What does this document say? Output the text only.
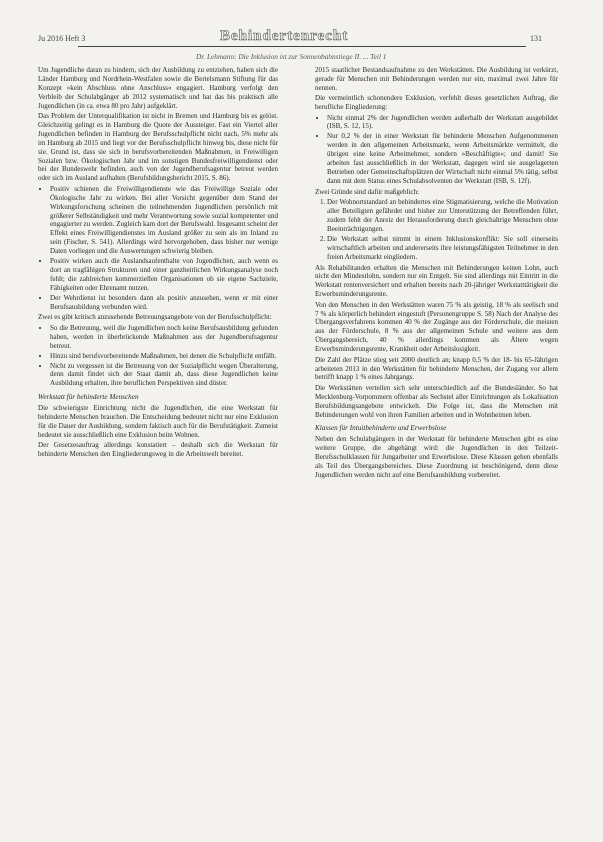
Ju 2016 Heft 3	Behindertenrecht	131
Dr. Lehmann: Die Inklusion ist zur Sonnenbahnstiege II. ... Teil 1

Um Jugendliche daran zu hindern, sich der Ausbildung zu entziehen, haben sich die Länder Hamburg und Nordrhein-Westfalen sowie die Bertelsmann Stiftung für das Konzept »kein Abschluss ohne Anschluss« engagiert. Hamburg verfolgt den Verbleib der Schulabgänger ab 2012 systematisch und hat das bis praktisch alle Jugendlichen (in ca. etwa 80 pro Jahr) aufgeklärt.

Das Problem der Unterqualifikation ist nicht in Bremen und Hamburg bis es gelöst. Gleichzeitig gelingt es in Hamburg die Quote der Aussteiger. Fast ein Viertel aller Jugendlichen befinden in Hamburg der Berufsschulpflicht nicht nach, 5% mehr als im Hamburg ab 2015 und liegt vor der Berufsschulpflicht hinweg bis, diese nicht für sie. Grund ist, dass sie sich in berufsvorbereitenden Maßnahmen, in Freiwilligen Sozialen bzw. Ökologischen Jahr und im sonstigen Bundesfreiwilligendienst oder bei der Bundeswehr befinden, auch von der Jugendberufsagentur betreut werden oder sich im Ausland aufhalten (Berufsbildungsbericht 2015, S. 86).

• Positiv schienen die Freiwilligendienste wie das Freiwillige Soziale oder Ökologische Jahr zu wirken. Bei aller Vorsicht gegenüber dem Stand der Wirkungsforschung scheinen die teilnehmenden Jugendlichen persönlich mit größerer Selbständigkeit und mehr Verantwortung sowie sozial kompetenter und engagierter zu werden. Zugleich kam dort der Berufswahl. Insgesamt scheint der Effekt eines Freiwilligendienstes im Ausland größer zu sein als im Inland zu sein (Fischer, S. 541). Allerdings wird hervorgehoben, dass bisher nur wenige Daten vorliegen und die Auswertungen schwierig bleiben.
• Positiv wirken auch die Auslandsaufenthalte von Jugendlichen, auch wenn es dort an tragfähigen Strukturen und einer ganzheitlichen Wirkungsanalyse noch fehlt; die zahlreichen kommerziellen Organisationen ob sie eigene Sachziele, Fähigkeiten oder Ehrenamt nutzen.
• Der Wehrdienst ist besonders dann als positiv anzusehen, wenn er mit einer Berufsausbildung verbunden wird.

Zwei es gibt kritisch anzusehende Betreuungsangebote von der Berufsschulpflicht:

• So die Betreuung, weil die Jugendlichen noch keine Berufsausbildung gefunden haben, werden in überbrückende Maßnahmen aus der Jugendberufsagentur betreut.
• Hinzu sind berufsvorbereitende Maßnahmen, bei denen die Schulpflicht entfällt.
• Nicht zu vergessen ist die Betreuung von der Sozialpflicht wegen Überalterung, denn damit findet sich der Staat damit ab, dass diese Jugendlichen keine Ausbildung erhalten, ihre beruflichen Perspektiven sind düster.
Werkstatt für behinderte Menschen

Die schwierigste Einrichtung nicht die Jugendlichen, die eine Werkstatt für behinderte Menschen brauchen. Die Entscheidung bedeutet nicht nur eine Exklusion für die Dauer der Ausbildung, sondern faktisch auch für die Berufstätigkeit. Zumeist bedeutet sie ausschließlich eine Exklusion beim Wohnen.

Der Gesetzesauftrag allerdings konstatiert – deshalb sich die Werkstatt für behinderte Menschen den Eingliederungsweg in die Arbeitswelt bereitet.

2015 staatlicher Bestandsaufnahme zu den Werkstätten. Die Ausbildung ist verkürzt, gerade für Menschen mit Behinderungen werden nur ein, maximal zwei Jahre für nennen.

Die vermeintlich schonendere Exklusion, verfehlt dieses gesetzlichen Auftrag, die berufliche Eingliederung:

• Nicht einmal 2% der Jugendlichen werden außerhalb der Werkstatt ausgebildet (ISB, S. 12, 15).
• Nur 0,2 % der in einer Werkstatt für behinderte Menschen Aufgenommenen werden in den allgemeinen Arbeitsmarkt, wenn Arbeitsmärkte vermittelt, die übrigen eine keine Arbeitnehmer, sondern »Beschäftigte«; und damit! Sie arbeiten fast ausschließlich in der Werkstatt, dagegen wird sie ausgelagerten Betrieben oder Gemeinschaftsplätzen der Wirtschaft nicht einmal 5% tätig, selbst dann mit dem Status eines Schulabsolventen der Werkstatt (ISB, S. 12f).

Zwei Gründe sind dafür maßgeblich:

1. Der Wohnortstandard an behindertes eine Stigmatisierung, welche die Motivation aller Beteiligten gefährdet und bisher zur Unterstützung der Betreffenden führt, zudem fehlt der Anreiz der Herausforderung durch gleichaltrige Menschen ohne Beeinträchtigungen.
2. Die Werkstatt selbst nimmt in einem Inklusionskonflikt: Sie soll einerseits wirtschaftlich arbeiten und andererseits ihre leistungsfähigsten Teilnehmer in den freien Arbeitsmarkt eingliedern.

Als Rehabilitanden erhalten die Menschen mit Behinderungen keinen Lohn, auch nicht den Mindestlohn, sondern nur ein Entgelt. Sie sind allerdings mit Eintritt in die Werkstatt rentenversichert und erhalten bereits nach 20-jähriger Werkstatttätigkeit die Erwerbsminderungsrente.

Von den Menschen in den Werkstätten waren 75 % als geistig, 18 % als seelisch und 7 % als körperlich behindert eingestuft (Personengruppe S. 58) Nach der Analyse des Übergangsverfahrens kommen 40 % der Zugänge aus der Förderschule, die meisten aus der Förderschule, 8 % aus der allgemeinen Schule und weitere aus dem Übergangsbereich, 40 % allerdings kommen als Ältere wegen Erwerbsminderungsrente, Krankheit oder Arbeitslosigkeit.

Die Zahl der Plätze stieg seit 2000 deutlich an; knapp 0,5 % der 18- bis 65-Jährigen arbeiteten 2013 in den Werkstätten für behinderte Menschen, der Zugang vor allem betrifft knapp 1 % eines Jahrgangs.

Die Werkstätten verteilen sich sehr unterschiedlich auf die Bundesländer. So hat Mecklenburg-Vorpommern offenbar als Sechstel aller Einrichtungen als Lokalisation Berufsbildungsangebote entwickelt. Die Folge ist, dass die Menschen mit Behinderungen wohl von ihren Familien arbeiten und in Wohnheimen leben.

Klassen für Intuitbehinderte und Erwerbslose

Neben den Schulabgängern in der Werkstatt für behinderte Menschen gibt es eine weitere Gruppe, die abgehängt wird: die Jugendlichen in den Teilzeit-Berufsschulklassen für Jungarbeiter und Erwerbslose. Diese Klassen gehen ebenfalls als Teil des Übergangsbereiches. Diese Zuordnung ist beschönigend, denn diese Jugendlichen werden nicht auf eine Berufsausbildung vorbereitet.
